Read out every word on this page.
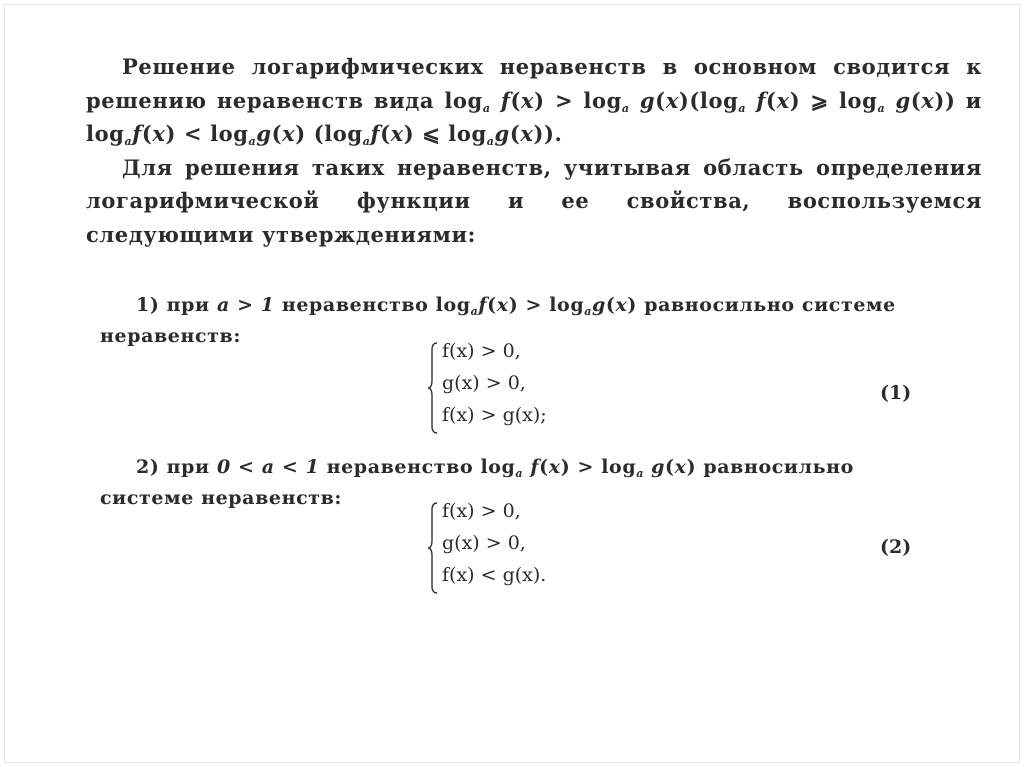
Решение логарифмических неравенств в основном сводится к решению неравенств вида $\log_a f(x) > \log_a g(x)(\log_a$ f(x) ⩾ $\log_a g(x)$) и $\log_af(x) < \log_ag(x)$ ($\log_af(x)$ ⩽ $\log_ag(x)$).

Для решения таких неравенств, учитывая область определения логарифмической функции и ее свойства, воспользуемся следующими утверждениями:

1) при a > 1 неравенство $\log_af(x) > \log_ag(x)$ равносильно системе неравенств:
f(x) > 0,
g(x) > 0,
f(x) > g(x);
(1)
2) при 0 < a < 1 неравенство $\log_a f(x) > \log_a g(x)$ равносильно системе неравенств:
f(x) > 0,
g(x) > 0,
f(x) < g(x).
(2)
